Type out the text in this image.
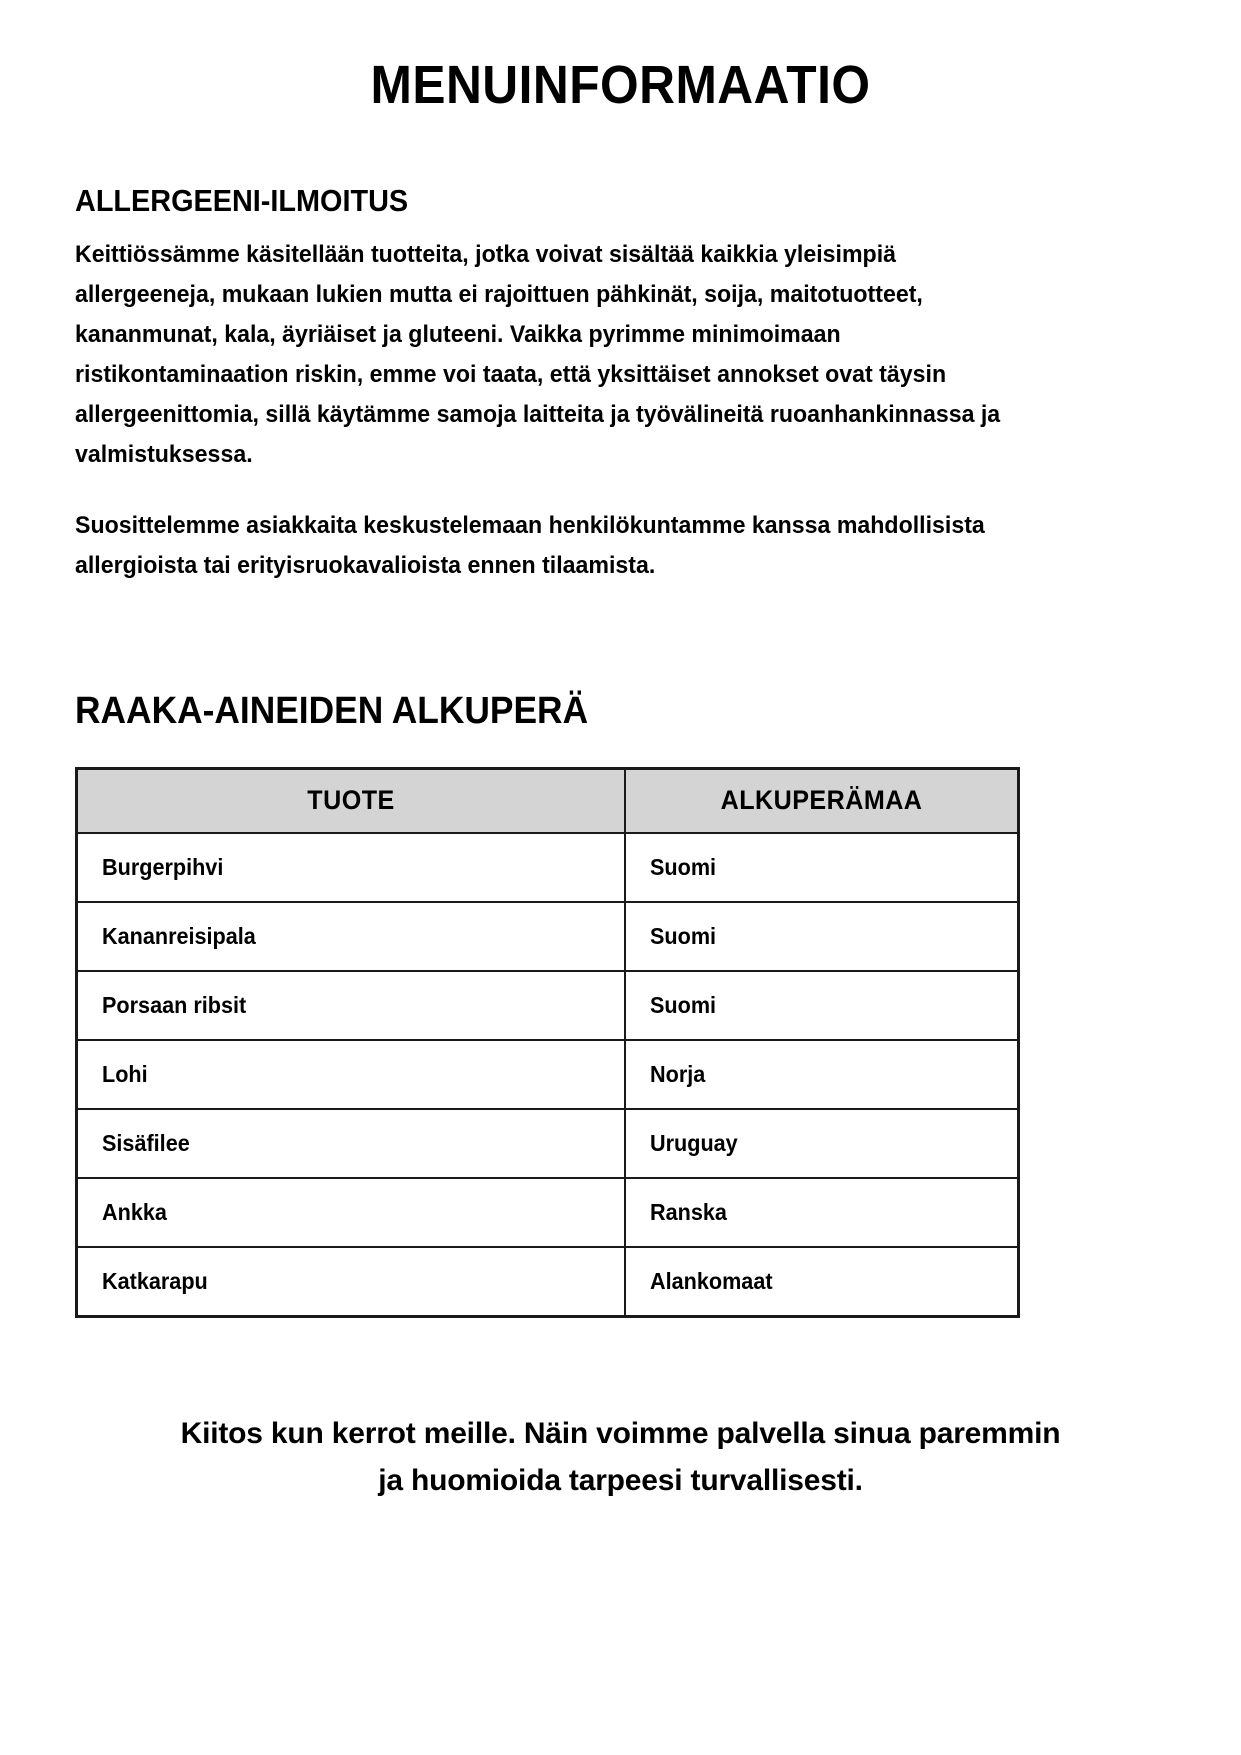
MENUINFORMAATIO
ALLERGEENI-ILMOITUS

Keittiössämme käsitellään tuotteita, jotka voivat sisältää kaikkia yleisimpiä allergeeneja, mukaan lukien mutta ei rajoittuen pähkinät, soija, maitotuotteet, kananmunat, kala, äyriäiset ja gluteeni. Vaikka pyrimme minimoimaan ristikontaminaation riskin, emme voi taata, että yksittäiset annokset ovat täysin allergeenittomia, sillä käytämme samoja laitteita ja työvälineitä ruoanhankinnassa ja valmistuksessa.

Suosittelemme asiakkaita keskustelemaan henkilökuntamme kanssa mahdollisista allergioista tai erityisruokavalioista ennen tilaamista.

RAAKA-AINEIDEN ALKUPERÄ
TUOTE	ALKUPERÄMAA
Burgerpihvi	Suomi
Kananreisipala	Suomi
Porsaan ribsit	Suomi
Lohi	Norja
Sisäfilee	Uruguay
Ankka	Ranska
Katkarapu	Alankomaat

Kiitos kun kerrot meille. Näin voimme palvella sinua paremmin ja huomioida tarpeesi turvallisesti.
